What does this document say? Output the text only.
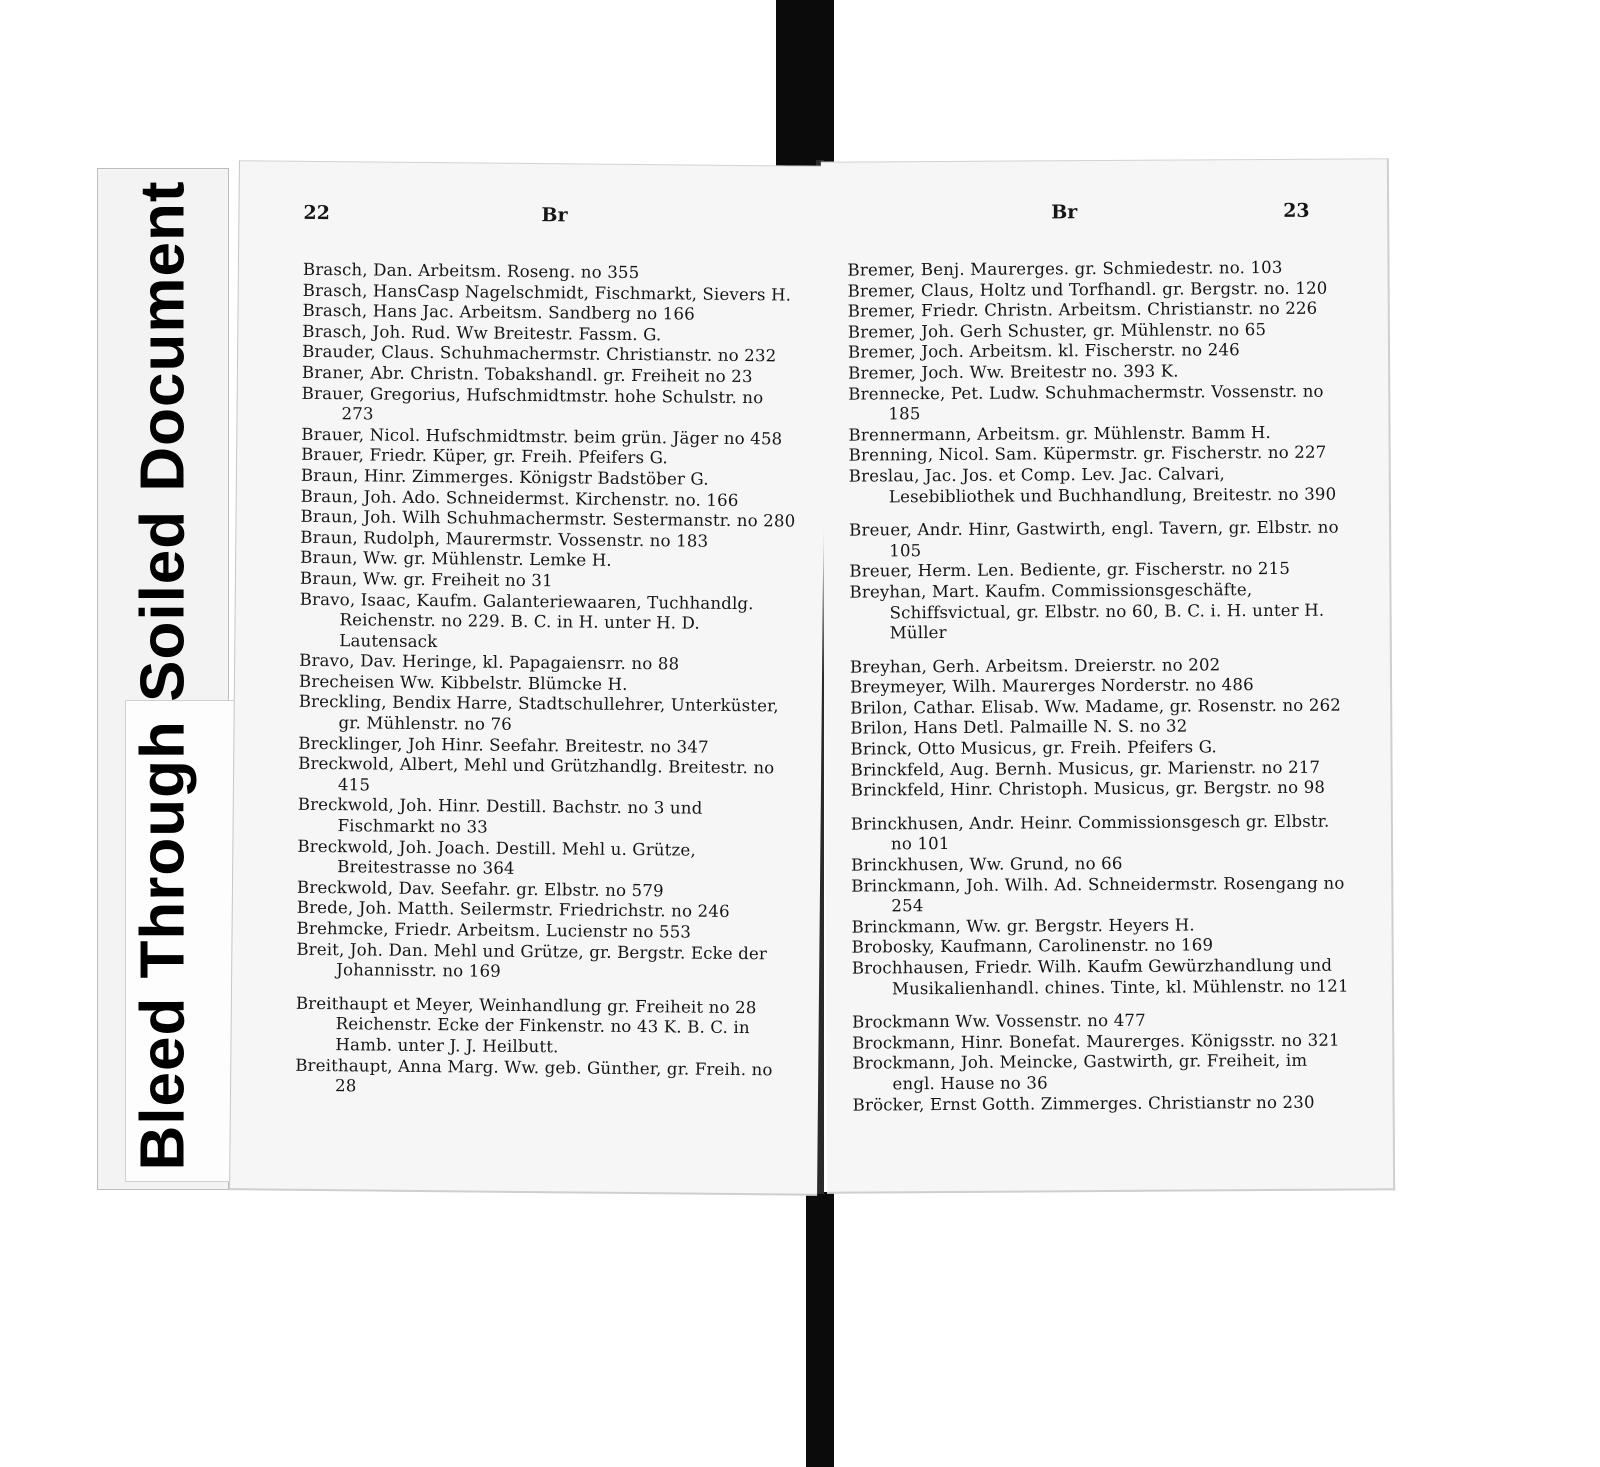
Bleed Through Soiled Document	22	Br

Brasch, Dan. Arbeitsm. Roseng. no 355

Brasch, HansCasp Nagelschmidt, Fischmarkt, Sievers H.

Brasch, Hans Jac. Arbeitsm. Sandberg no 166

Brasch, Joh. Rud. Ww Breitestr. Fassm. G.

Brauder, Claus. Schuhmachermstr. Christianstr. no 232

Braner, Abr. Christn. Tobakshandl. gr. Freiheit no 23

Brauer, Gregorius, Hufschmidtmstr. hohe Schulstr. no 273

Brauer, Nicol. Hufschmidtmstr. beim grün. Jäger no 458

Brauer, Friedr. Küper, gr. Freih. Pfeifers G.

Braun, Hinr. Zimmerges. Königstr Badstöber G.

Braun, Joh. Ado. Schneidermst. Kirchenstr. no. 166

Braun, Joh. Wilh Schuhmachermstr. Sestermanstr. no 280

Braun, Rudolph, Maurermstr. Vossenstr. no 183

Braun, Ww. gr. Mühlenstr. Lemke H.

Braun, Ww. gr. Freiheit no 31

Bravo, Isaac, Kaufm. Galanteriewaaren, Tuchhandlg. Reichenstr. no 229. B. C. in H. unter H. D. Lautensack

Bravo, Dav. Heringe, kl. Papagaiensrr. no 88

Brecheisen Ww. Kibbelstr. Blümcke H.

Breckling, Bendix Harre, Stadtschullehrer, Unterküster, gr. Mühlenstr. no 76

Brecklinger, Joh Hinr. Seefahr. Breitestr. no 347

Breckwold, Albert, Mehl und Grützhandlg. Breitestr. no 415

Breckwold, Joh. Hinr. Destill. Bachstr. no 3 und Fischmarkt no 33

Breckwold, Joh. Joach. Destill. Mehl u. Grütze, Breitestrasse no 364

Breckwold, Dav. Seefahr. gr. Elbstr. no 579

Brede, Joh. Matth. Seilermstr. Friedrichstr. no 246

Brehmcke, Friedr. Arbeitsm. Lucienstr no 553

Breit, Joh. Dan. Mehl und Grütze, gr. Bergstr. Ecke der Johannisstr. no 169

Breithaupt et Meyer, Weinhandlung gr. Freiheit no 28 Reichenstr. Ecke der Finkenstr. no 43 K. B. C. in Hamb. unter J. J. Heilbutt.

Breithaupt, Anna Marg. Ww. geb. Günther, gr. Freih. no 28

Br	23

Bremer, Benj. Maurerges. gr. Schmiedestr. no. 103

Bremer, Claus, Holtz und Torfhandl. gr. Bergstr. no. 120

Bremer, Friedr. Christn. Arbeitsm. Christianstr. no 226

Bremer, Joh. Gerh Schuster, gr. Mühlenstr. no 65

Bremer, Joch. Arbeitsm. kl. Fischerstr. no 246

Bremer, Joch. Ww. Breitestr no. 393 K.

Brennecke, Pet. Ludw. Schuhmachermstr. Vossenstr. no 185

Brennermann, Arbeitsm. gr. Mühlenstr. Bamm H.

Brenning, Nicol. Sam. Küpermstr. gr. Fischerstr. no 227

Breslau, Jac. Jos. et Comp. Lev. Jac. Calvari, Lesebibliothek und Buchhandlung, Breitestr. no 390

Breuer, Andr. Hinr, Gastwirth, engl. Tavern, gr. Elbstr. no 105

Breuer, Herm. Len. Bediente, gr. Fischerstr. no 215

Breyhan, Mart. Kaufm. Commissionsgeschäfte, Schiffsvictual, gr. Elbstr. no 60, B. C. i. H. unter H. Müller

Breyhan, Gerh. Arbeitsm. Dreierstr. no 202

Breymeyer, Wilh. Maurerges Norderstr. no 486

Brilon, Cathar. Elisab. Ww. Madame, gr. Rosenstr. no 262

Brilon, Hans Detl. Palmaille N. S. no 32

Brinck, Otto Musicus, gr. Freih. Pfeifers G.

Brinckfeld, Aug. Bernh. Musicus, gr. Marienstr. no 217

Brinckfeld, Hinr. Christoph. Musicus, gr. Bergstr. no 98

Brinckhusen, Andr. Heinr. Commissionsgesch gr. Elbstr. no 101

Brinckhusen, Ww. Grund, no 66

Brinckmann, Joh. Wilh. Ad. Schneidermstr. Rosengang no 254

Brinckmann, Ww. gr. Bergstr. Heyers H.

Brobosky, Kaufmann, Carolinenstr. no 169

Brochhausen, Friedr. Wilh. Kaufm Gewürzhandlung und Musikalienhandl. chines. Tinte, kl. Mühlenstr. no 121

Brockmann Ww. Vossenstr. no 477

Brockmann, Hinr. Bonefat. Maurerges. Königsstr. no 321

Brockmann, Joh. Meincke, Gastwirth, gr. Freiheit, im engl. Hause no 36

Bröcker, Ernst Gotth. Zimmerges. Christianstr no 230
